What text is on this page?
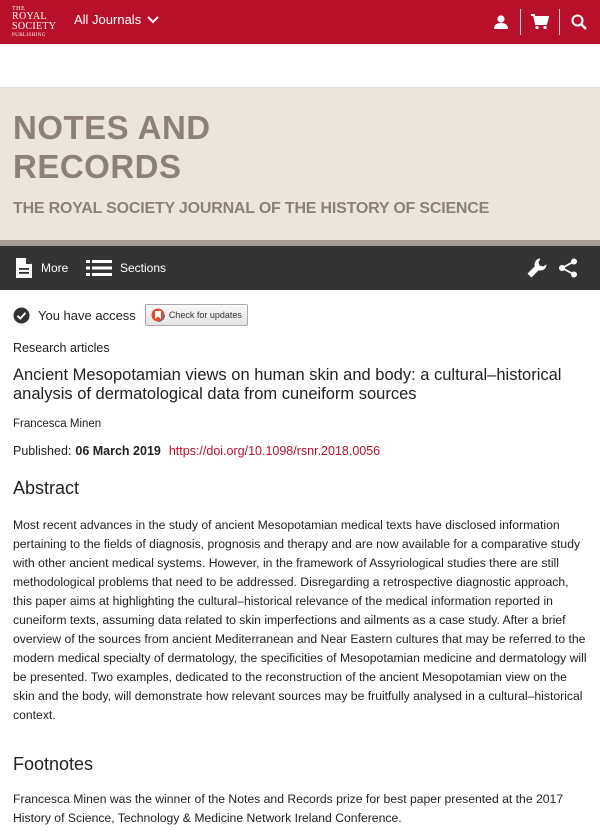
THE
ROYAL SOCIETY
PUBLISHING
All Journals
NOTES AND RECORDS
THE ROYAL SOCIETY JOURNAL OF THE HISTORY OF SCIENCE
More	Sections
You have access	Check for updates
Research articles
Ancient Mesopotamian views on human skin and body: a cultural–historical analysis of dermatological data from cuneiform sources
Francesca Minen
Published: 06 March 2019 https://doi.org/10.1098/rsnr.2018.0056
Abstract
Most recent advances in the study of ancient Mesopotamian medical texts have disclosed information pertaining to the fields of diagnosis, prognosis and therapy and are now available for a comparative study with other ancient medical systems. However, in the framework of Assyriological studies there are still methodological problems that need to be addressed. Disregarding a retrospective diagnostic approach, this paper aims at highlighting the cultural–historical relevance of the medical information reported in cuneiform texts, assuming data related to skin imperfections and ailments as a case study. After a brief overview of the sources from ancient Mediterranean and Near Eastern cultures that may be referred to the modern medical specialty of dermatology, the specificities of Mesopotamian medicine and dermatology will be presented. Two examples, dedicated to the reconstruction of the ancient Mesopotamian view on the skin and the body, will demonstrate how relevant sources may be fruitfully analysed in a cultural–historical context.
Footnotes
Francesca Minen was the winner of the Notes and Records prize for best paper presented at the 2017 History of Science, Technology & Medicine Network Ireland Conference.
